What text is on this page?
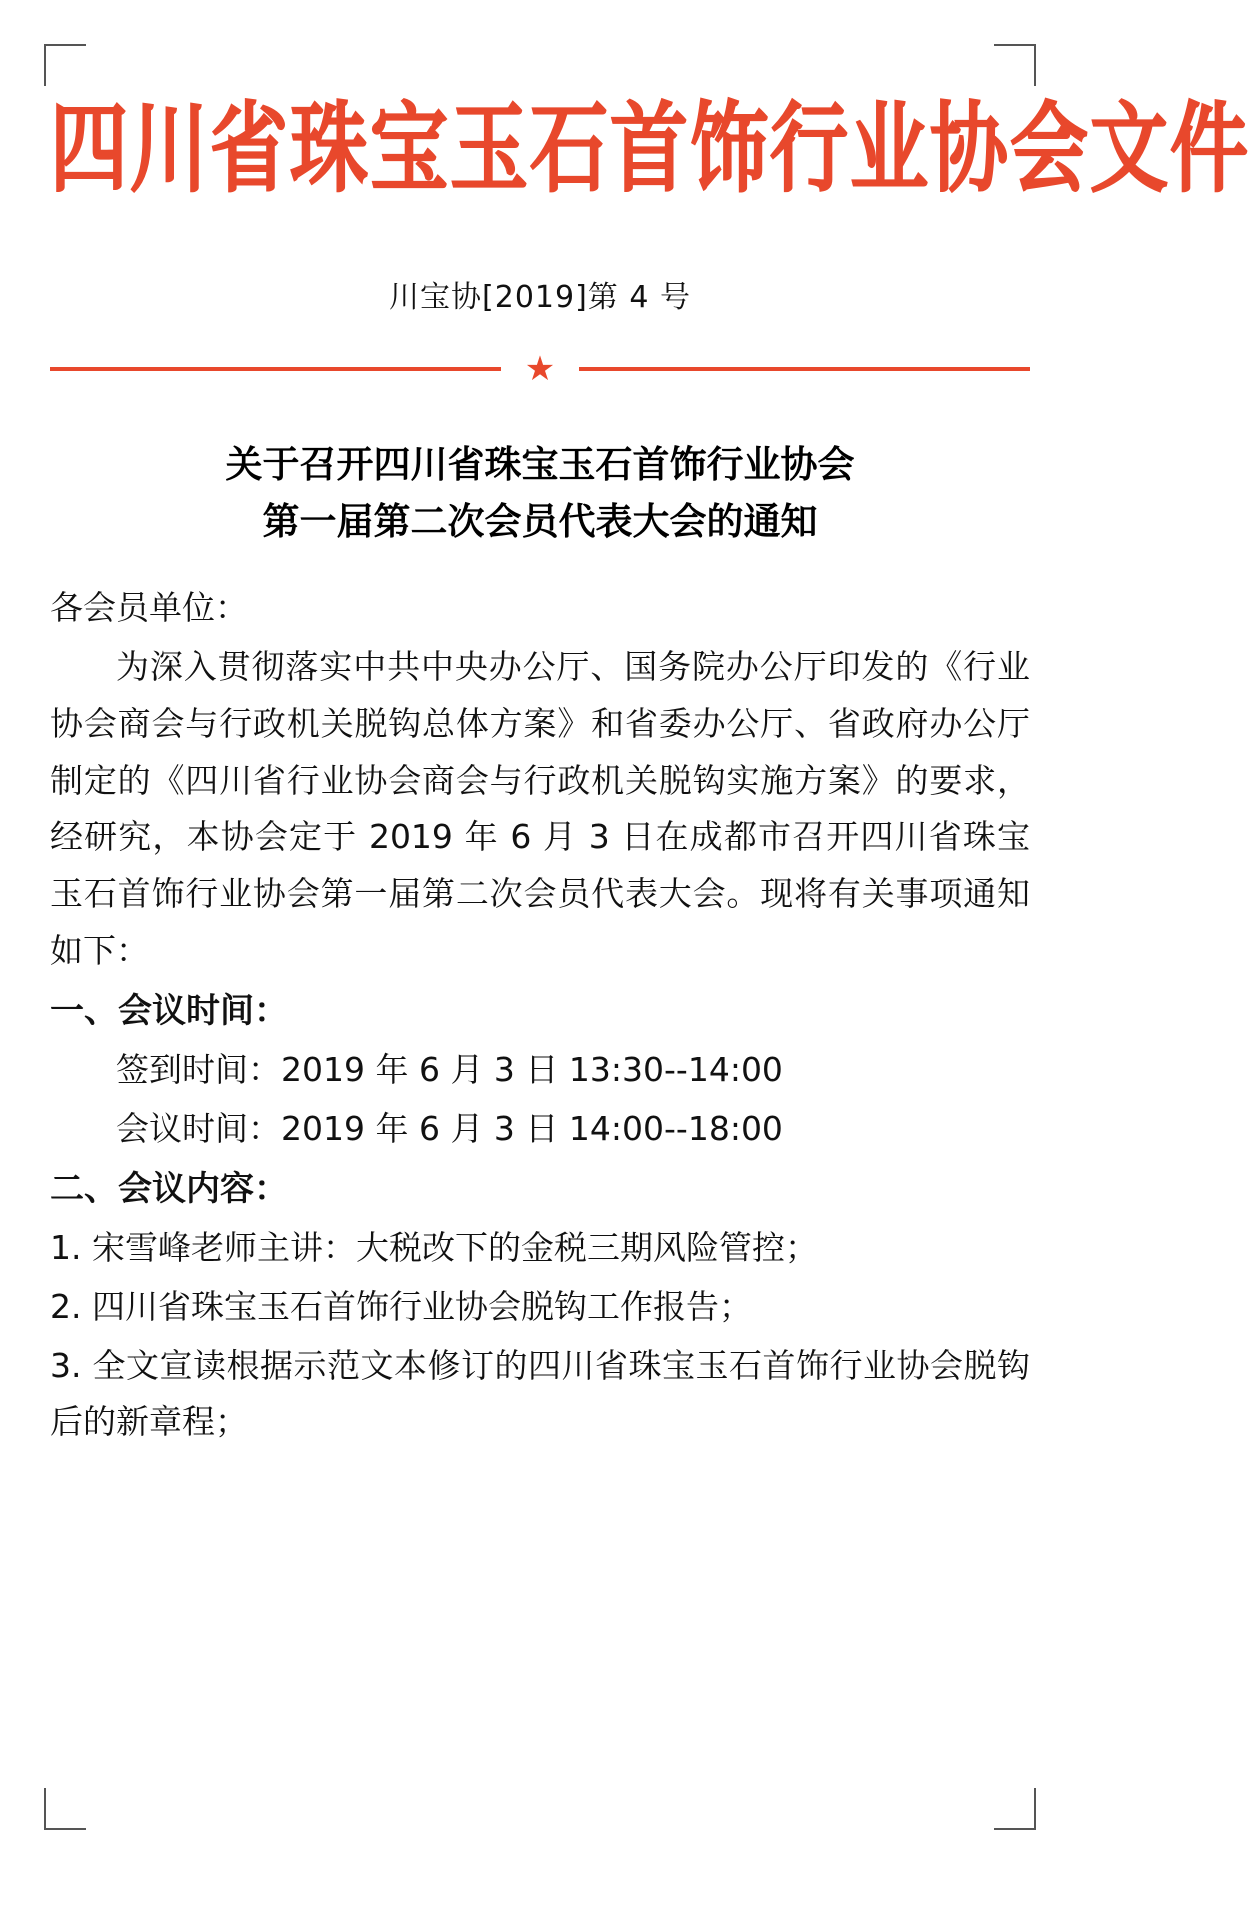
四川省珠宝玉石首饰行业协会文件
川宝协[2019]第 4 号
★
关于召开四川省珠宝玉石首饰行业协会
第一届第二次会员代表大会的通知

各会员单位：

为深入贯彻落实中共中央办公厅、国务院办公厅印发的《行业协会商会与行政机关脱钩总体方案》和省委办公厅、省政府办公厅制定的《四川省行业协会商会与行政机关脱钩实施方案》的要求，经研究，本协会定于 2019 年 6 月 3 日在成都市召开四川省珠宝玉石首饰行业协会第一届第二次会员代表大会。现将有关事项通知如下：

一、会议时间：

签到时间：2019 年 6 月 3 日 13:30--14:00

会议时间：2019 年 6 月 3 日 14:00--18:00

二、会议内容：

1. 宋雪峰老师主讲：大税改下的金税三期风险管控；

2. 四川省珠宝玉石首饰行业协会脱钩工作报告；

3. 全文宣读根据示范文本修订的四川省珠宝玉石首饰行业协会脱钩后的新章程；
